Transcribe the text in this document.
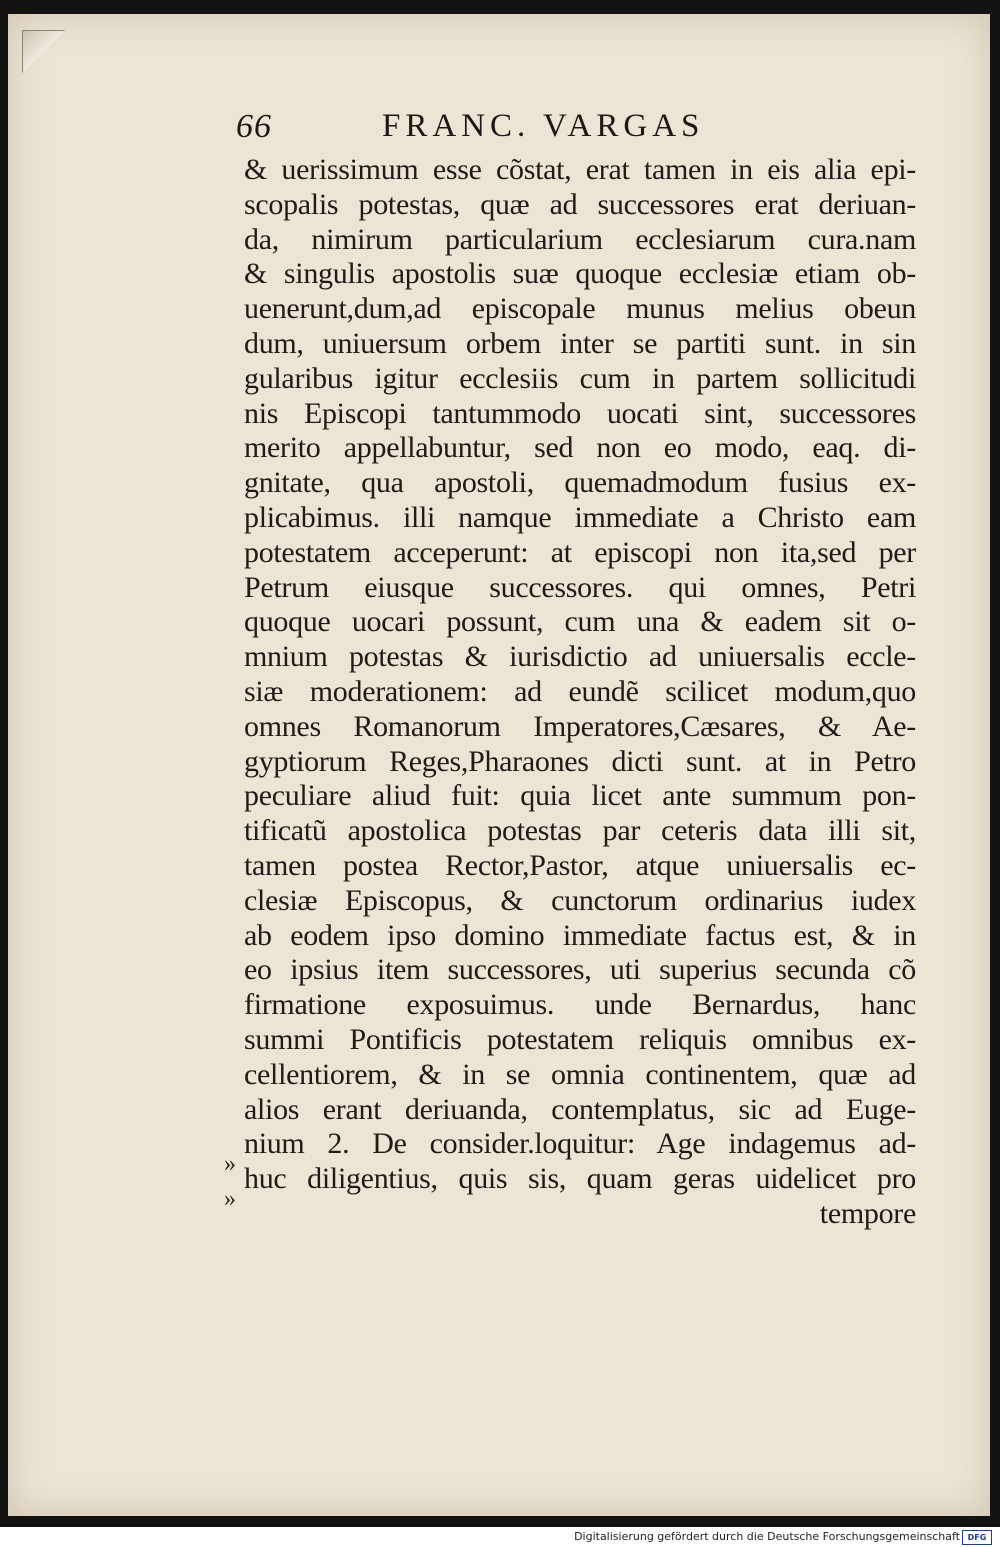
66	FRANC. VARGAS
& uerissimum esse cõstat, erat tamen in eis alia epi-
scopalis potestas, quæ ad successores erat deriuan-
da, nimirum particularium ecclesiarum cura.nam
& singulis apostolis suæ quoque ecclesiæ etiam ob-
uenerunt,dum,ad episcopale munus melius obeun
dum, uniuersum orbem inter se partiti sunt. in sin
gularibus igitur ecclesiis cum in partem sollicitudi
nis Episcopi tantummodo uocati sint, successores
merito appellabuntur, sed non eo modo, eaq. di-
gnitate, qua apostoli, quemadmodum fusius ex-
plicabimus. illi namque immediate a Christo eam
potestatem acceperunt: at episcopi non ita,sed per
Petrum eiusque successores. qui omnes, Petri
quoque uocari possunt, cum una & eadem sit o-
mnium potestas & iurisdictio ad uniuersalis eccle-
siæ moderationem: ad eundẽ scilicet modum,quo
omnes Romanorum Imperatores,Cæsares, & Ae-
gyptiorum Reges,Pharaones dicti sunt. at in Petro
peculiare aliud fuit: quia licet ante summum pon-
tificatũ apostolica potestas par ceteris data illi sit,
tamen postea Rector,Pastor, atque uniuersalis ec-
clesiæ Episcopus, & cunctorum ordinarius iudex
ab eodem ipso domino immediate factus est, & in
eo ipsius item successores, uti superius secunda cõ
firmatione exposuimus. unde Bernardus, hanc
summi Pontificis potestatem reliquis omnibus ex-
cellentiorem, & in se omnia continentem, quæ ad
alios erant deriuanda, contemplatus, sic ad Euge-
nium 2. De consider.loquitur: Age indagemus ad-
huc diligentius, quis sis, quam geras uidelicet pro
tempore
»
»
Digitalisierung gefördert durch die Deutsche Forschungsgemeinschaft DFG
